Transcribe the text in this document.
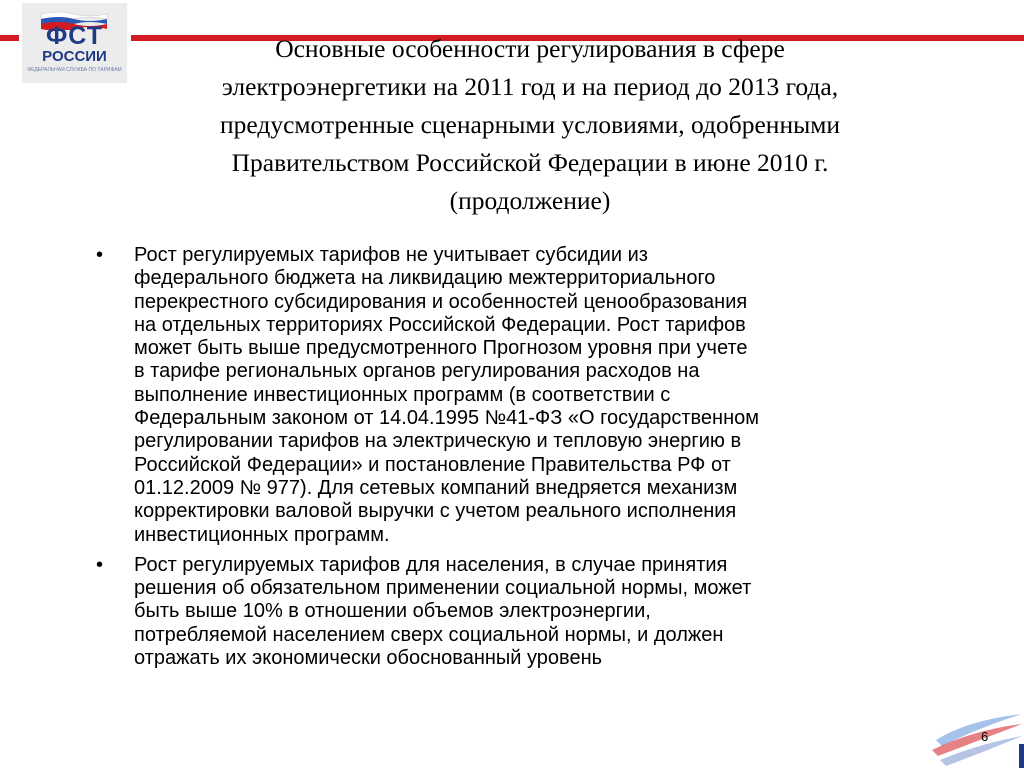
ФСТ
РОССИИ
ФЕДЕРАЛЬНАЯ СЛУЖБА ПО ТАРИФАМ
Основные особенности регулирования в сфере
электроэнергетики на 2011 год и на период до 2013 года,
предусмотренные сценарными условиями, одобренными
Правительством Российской Федерации в июне 2010 г.
(продолжение)
• Рост регулируемых тарифов не учитывает субсидии из
федерального бюджета на ликвидацию межтерриториального
перекрестного субсидирования и особенностей ценообразования
на отдельных территориях Российской Федерации. Рост тарифов
может быть выше предусмотренного Прогнозом уровня при учете
в тарифе региональных органов регулирования расходов на
выполнение инвестиционных программ (в соответствии с
Федеральным законом от 14.04.1995 №41-ФЗ «О государственном
регулировании тарифов на электрическую и тепловую энергию в
Российской Федерации» и постановление Правительства РФ от
01.12.2009 № 977). Для сетевых компаний внедряется механизм
корректировки валовой выручки с учетом реального исполнения
инвестиционных программ.
• Рост регулируемых тарифов для населения, в случае принятия
решения об обязательном применении социальной нормы, может
быть выше 10% в отношении объемов электроэнергии,
потребляемой населением сверх социальной нормы, и должен
отражать их экономически обоснованный уровень
6
